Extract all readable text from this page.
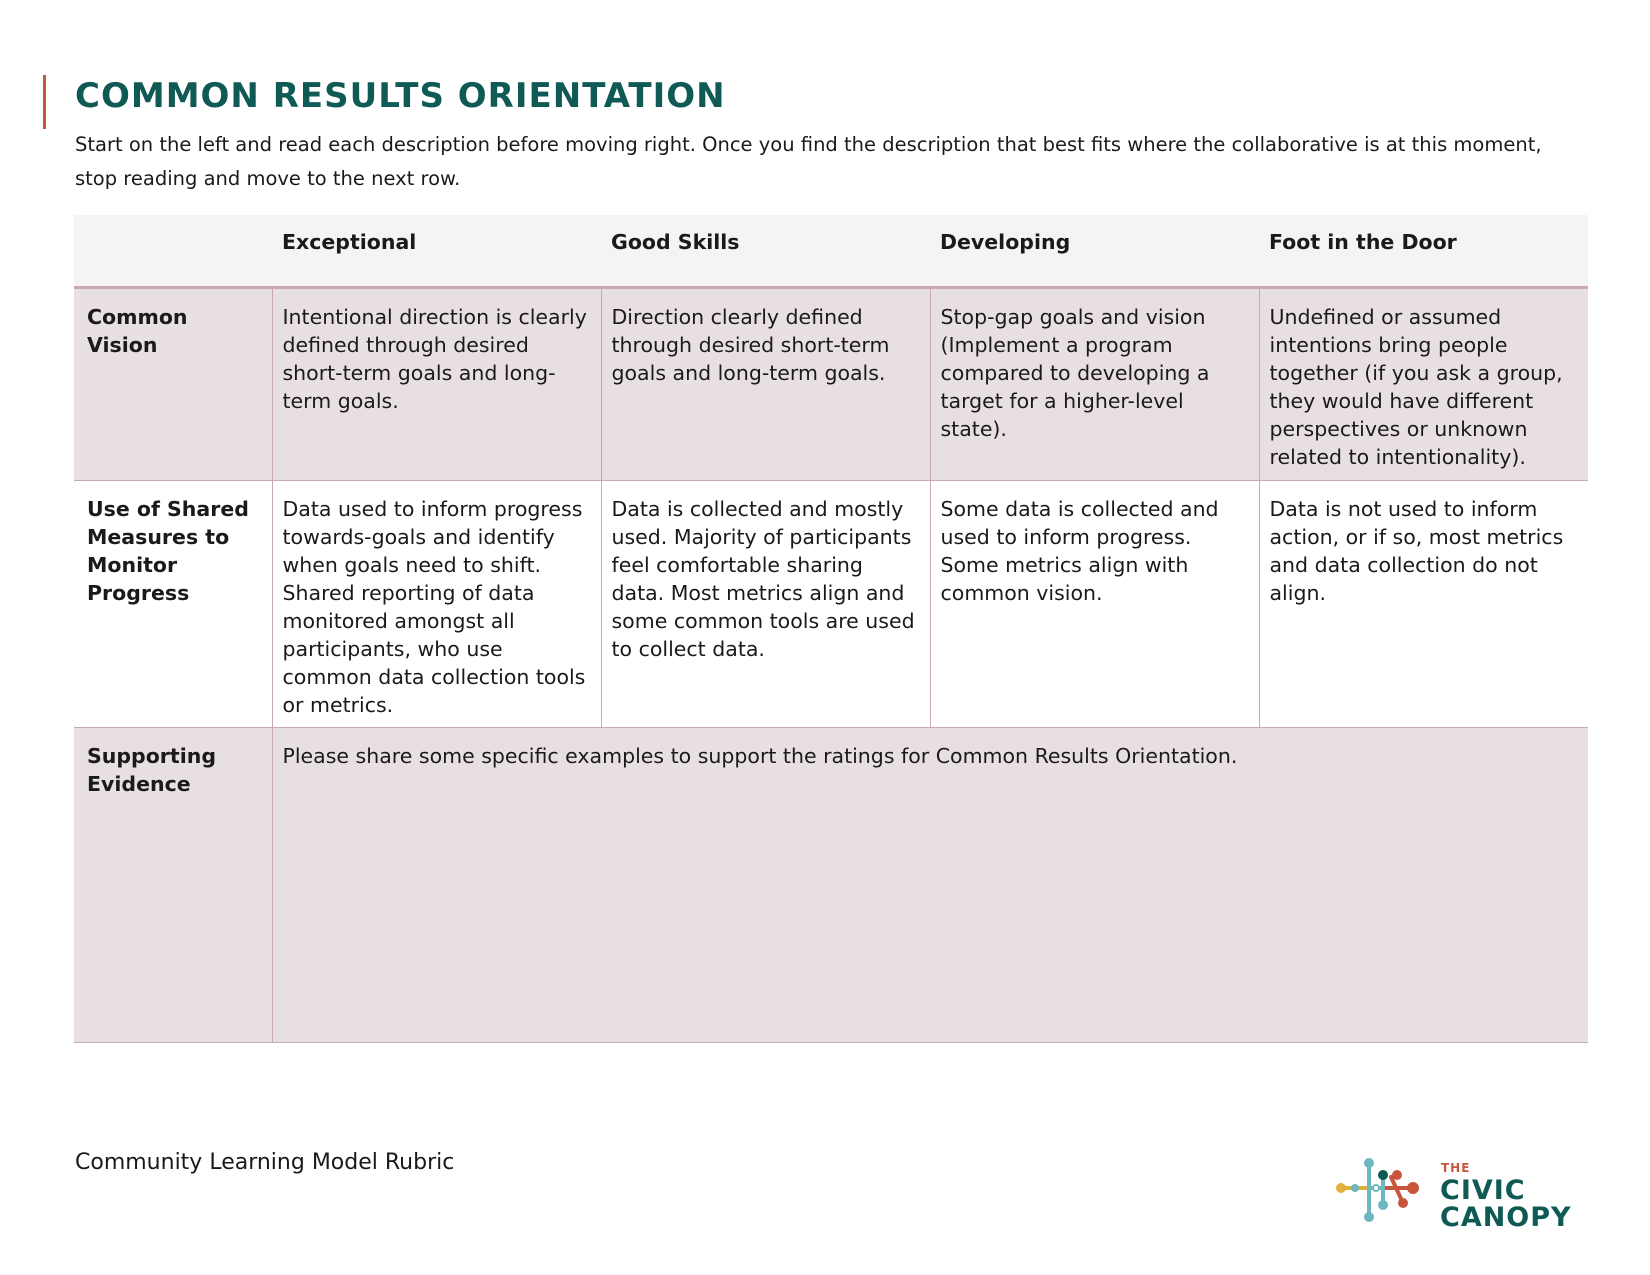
COMMON RESULTS ORIENTATION
Start on the left and read each description before moving right. Once you find the description that best fits where the collaborative is at this moment, stop reading and move to the next row.
	Exceptional	Good Skills	Developing	Foot in the Door
Common Vision	Intentional direction is clearly defined through desired short-term goals and long-term goals.	Direction clearly defined through desired short-term goals and long-term goals.	Stop-gap goals and vision (Implement a program compared to developing a target for a higher-level state).	Undefined or assumed intentions bring people together (if you ask a group, they would have different perspectives or unknown related to intentionality).
Use of Shared Measures to Monitor Progress	Data used to inform progress towards-goals and identify when goals need to shift. Shared reporting of data monitored amongst all participants, who use common data collection tools or metrics.	Data is collected and mostly used. Majority of participants feel comfortable sharing data. Most metrics align and some common tools are used to collect data.	Some data is collected and used to inform progress. Some metrics align with common vision.	Data is not used to inform action, or if so, most metrics and data collection do not align.
Supporting Evidence	Please share some specific examples to support the ratings for Common Results Orientation.			
Community Learning Model Rubric	THE
CIVIC
CANOPY
